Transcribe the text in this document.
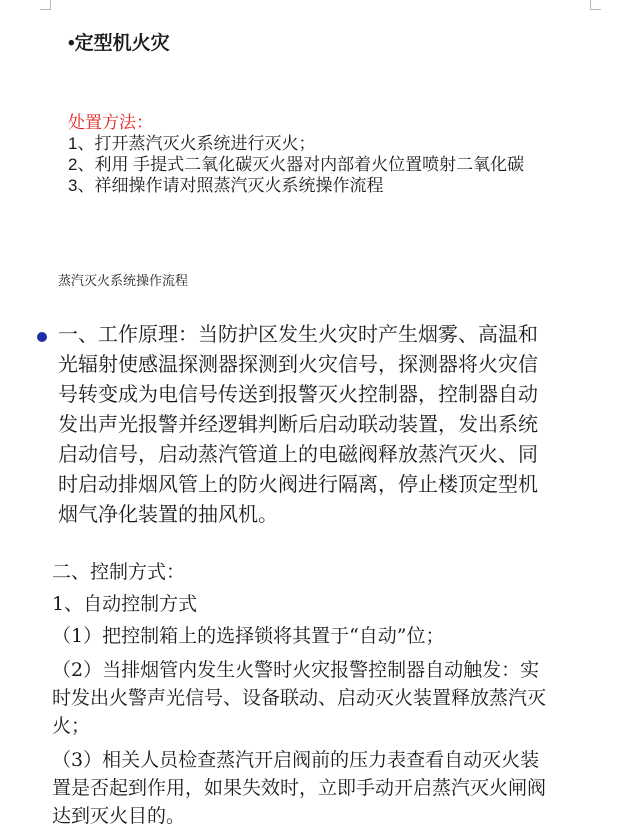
•定型机火灾
处置方法：
1、打开蒸汽灭火系统进行灭火；
2、利用 手提式二氧化碳灭火器对内部着火位置喷射二氧化碳
3、祥细操作请对照蒸汽灭火系统操作流程
蒸汽灭火系统操作流程
一、工作原理：当防护区发生火灾时产生烟雾、高温和光辐射使感温探测器探测到火灾信号，探测器将火灾信号转变成为电信号传送到报警灭火控制器，控制器自动发出声光报警并经逻辑判断后启动联动装置，发出系统启动信号，启动蒸汽管道上的电磁阀释放蒸汽灭火、同时启动排烟风管上的防火阀进行隔离，停止楼顶定型机烟气净化装置的抽风机。

二、控制方式：

1、自动控制方式

（1）把控制箱上的选择锁将其置于“自动”位；

（2）当排烟管内发生火警时火灾报警控制器自动触发：实时发出火警声光信号、设备联动、启动灭火装置释放蒸汽灭火；

（3）相关人员检查蒸汽开启阀前的压力表查看自动灭火装置是否起到作用，如果失效时，立即手动开启蒸汽灭火闸阀达到灭火目的。
